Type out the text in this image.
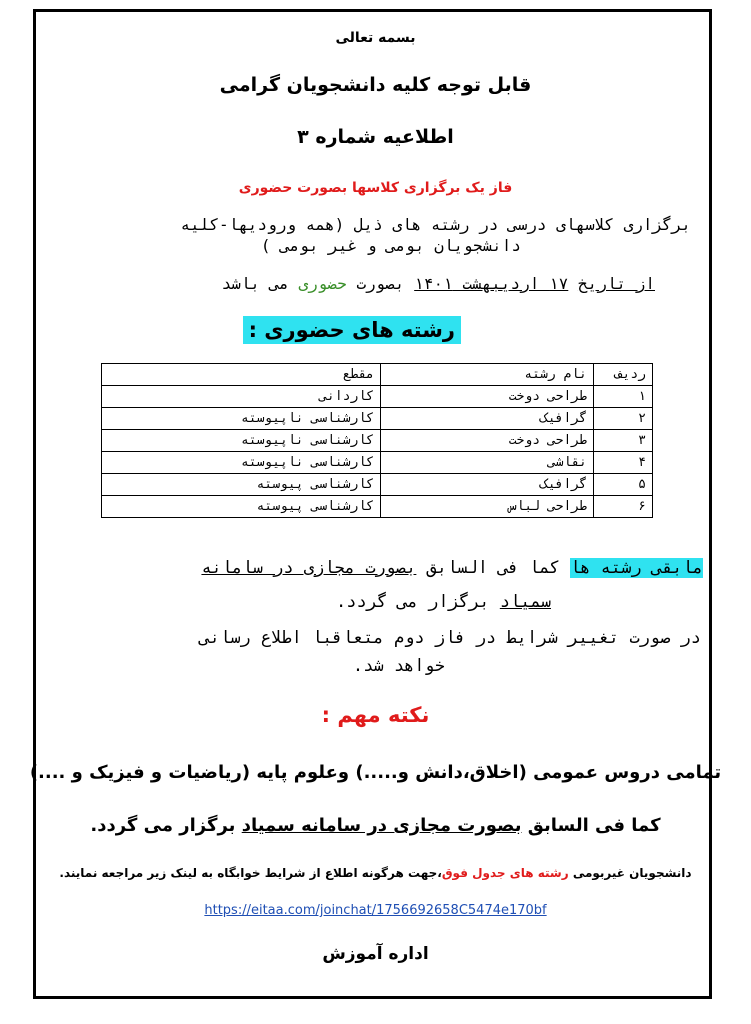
بسمه تعالی
قابل توجه کلیه دانشجویان گرامی
اطلاعیه شماره ۳
فاز یک برگزاری کلاسها بصورت حضوری
برگزاری کلاسهای درسی در رشته های ذیل (همه ورودیها-کلیه
دانشجویان بومی و غیر بومی )
از تاریخ ۱۷ اردیبهشت ۱۴۰۱ بصورت حضوری می باشد
رشته های حضوری :
ردیف	نام رشته	مقطع
۱	طراحی دوخت	کاردانی
۲	گرافیک	کارشناسی ناپیوسته
۳	طراحی دوخت	کارشناسی ناپیوسته
۴	نقاشی	کارشناسی ناپیوسته
۵	گرافیک	کارشناسی پیوسته
۶	طراحی لباس	کارشناسی پیوسته
مابقی رشته ها کما فی السابق بصورت مجازی در سامانه
سمیاد برگزار می گردد.
در صورت تغییر شرایط در فاز دوم متعاقبا اطلاع رسانی
خواهد شد.
نکته مهم :
تمامی دروس عمومی (اخلاق،دانش و.....) وعلوم پایه (ریاضیات و فیزیک و ....)
کما فی السابق بصورت مجازی در سامانه سمیاد برگزار می گردد.
دانشجویان غیربومی رشته های جدول فوق،جهت هرگونه اطلاع از شرایط خوابگاه به لینک زیر مراجعه نمایند.
https://eitaa.com/joinchat/1756692658C5474e170bf
اداره آموزش
